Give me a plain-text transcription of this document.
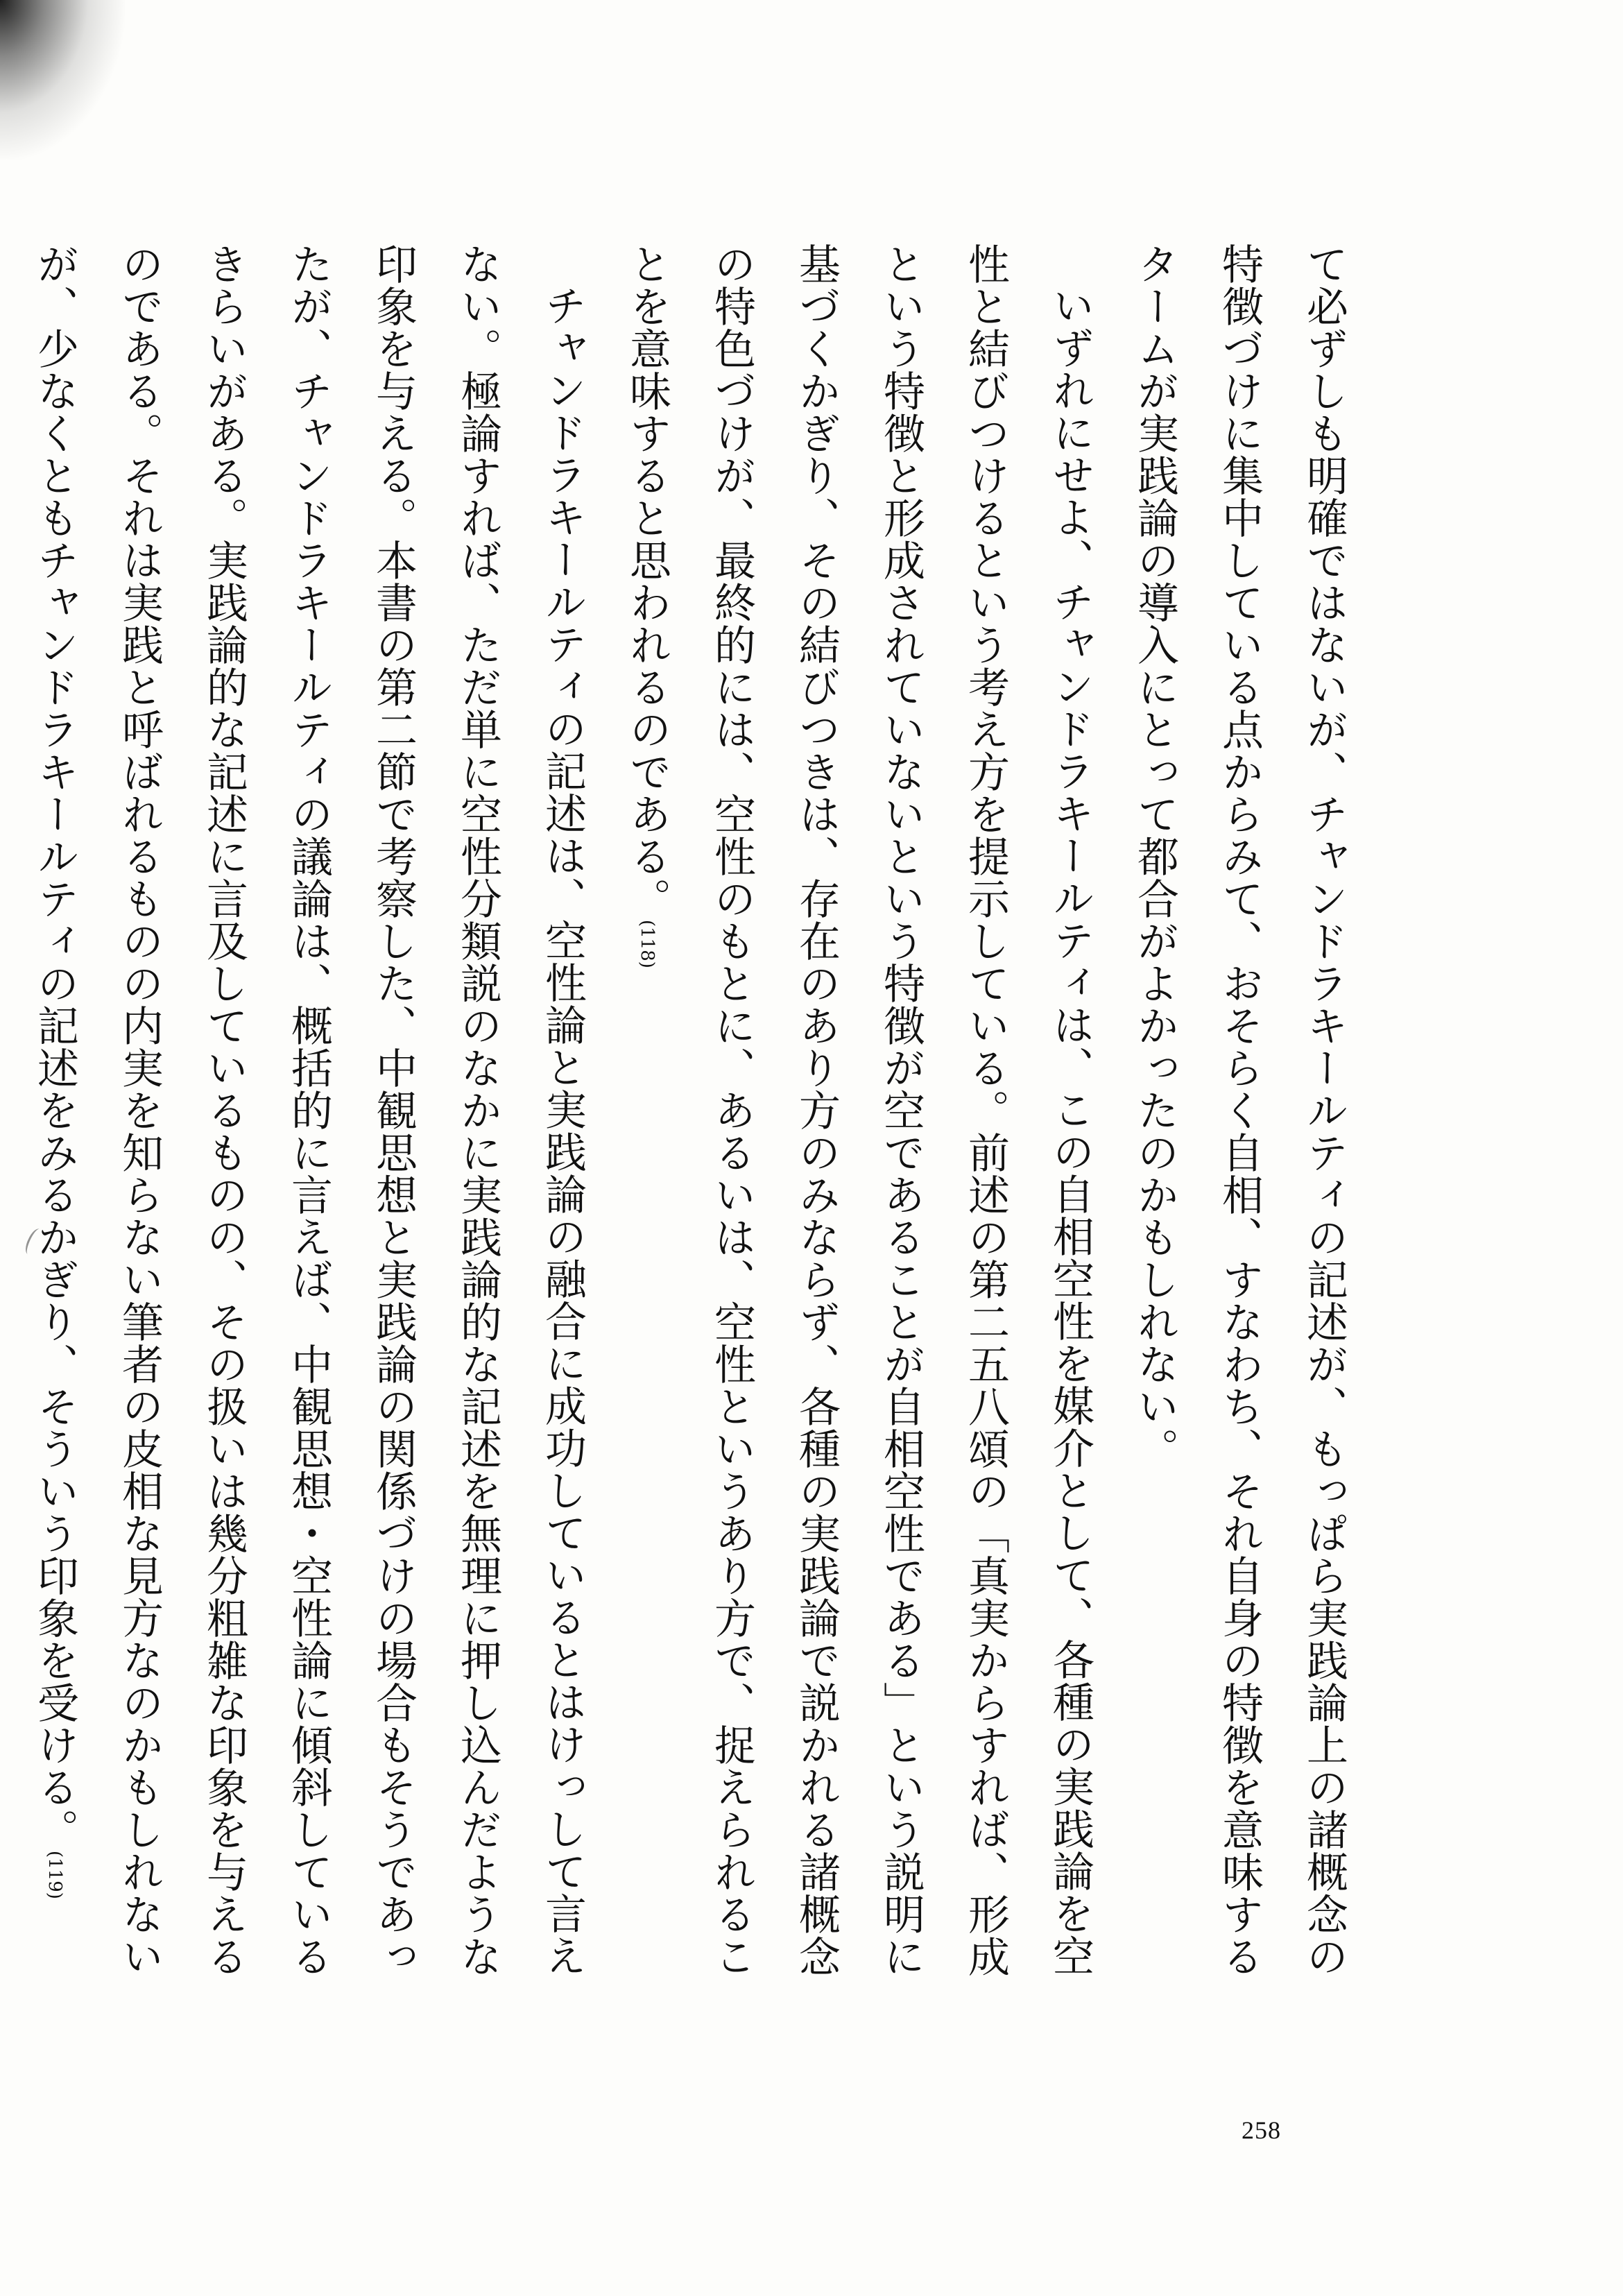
て必ずしも明確ではないが、チャンドラキールティの記述が、もっぱら実践論上の諸概念の特徴づけに集中している点からみて、おそらく自相、すなわち、それ自身の特徴を意味するタームが実践論の導入にとって都合がよかったのかもしれない。

いずれにせよ、チャンドラキールティは、この自相空性を媒介として、各種の実践論を空性と結びつけるという考え方を提示している。前述の第二五八頌の「真実からすれば、形成という特徴と形成されていないという特徴が空であることが自相空性である」という説明に基づくかぎり、その結びつきは、存在のあり方のみならず、各種の実践論で説かれる諸概念の特色づけが、最終的には、空性のもとに、あるいは、空性というあり方で、捉えられることを意味すると思われるのである。(118)

チャンドラキールティの記述は、空性論と実践論の融合に成功しているとはけっして言えない。極論すれば、ただ単に空性分類説のなかに実践論的な記述を無理に押し込んだような印象を与える。本書の第二節で考察した、中観思想と実践論の関係づけの場合もそうであったが、チャンドラキールティの議論は、概括的に言えば、中観思想・空性論に傾斜しているきらいがある。実践論的な記述に言及しているものの、その扱いは幾分粗雑な印象を与えるのである。それは実践と呼ばれるものの内実を知らない筆者の皮相な見方なのかもしれないが、少なくともチャンドラキールティの記述をみるかぎり、そういう印象を受ける。(119)

258
